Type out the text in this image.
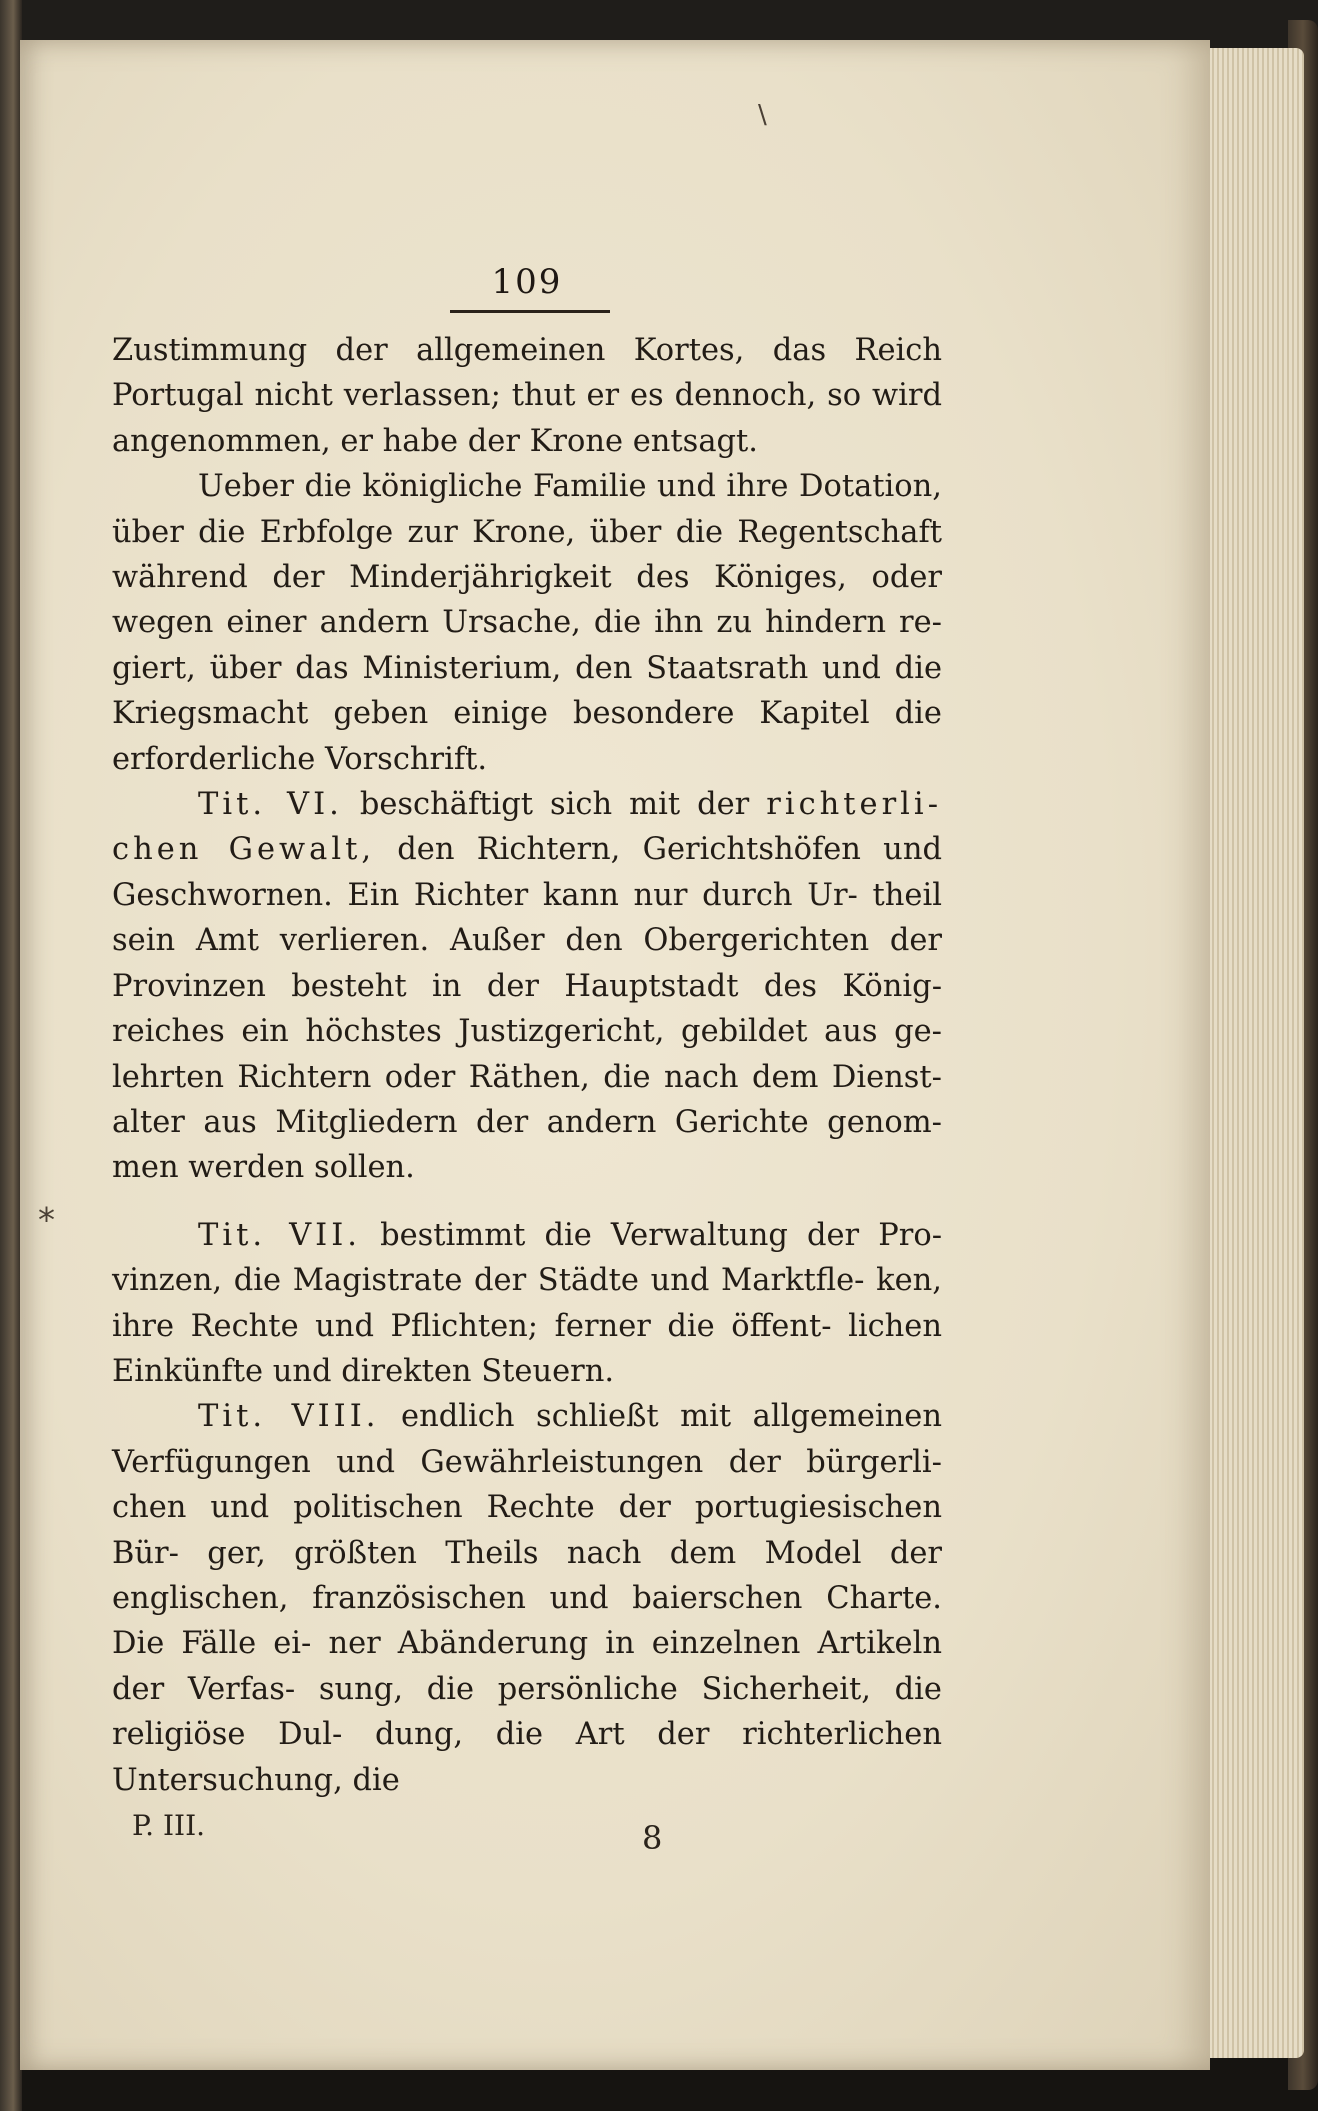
\
⁎
109

Zustimmung der allgemeinen Kortes, das Reich Portugal nicht verlassen; thut er es dennoch, so wird angenommen, er habe der Krone entsagt.

Ueber die königliche Familie und ihre Dotation, über die Erbfolge zur Krone, über die Regentschaft während der Minderjährigkeit des Königes, oder wegen einer andern Ursache, die ihn zu hindern re- giert, über das Ministerium, den Staatsrath und die Kriegsmacht geben einige besondere Kapitel die erforderliche Vorschrift.

Tit. VI. beschäftigt sich mit der richterli- chen Gewalt, den Richtern, Gerichtshöfen und Geschwornen. Ein Richter kann nur durch Ur- theil sein Amt verlieren. Außer den Obergerichten der Provinzen besteht in der Hauptstadt des König- reiches ein höchstes Justizgericht, gebildet aus ge- lehrten Richtern oder Räthen, die nach dem Dienst- alter aus Mitgliedern der andern Gerichte genom- men werden sollen.

Tit. VII. bestimmt die Verwaltung der Pro- vinzen, die Magistrate der Städte und Marktfle- ken, ihre Rechte und Pflichten; ferner die öffent- lichen Einkünfte und direkten Steuern.

Tit. VIII. endlich schließt mit allgemeinen Verfügungen und Gewährleistungen der bürgerli- chen und politischen Rechte der portugiesischen Bür- ger, größten Theils nach dem Model der englischen, französischen und baierschen Charte. Die Fälle ei- ner Abänderung in einzelnen Artikeln der Verfas- sung, die persönliche Sicherheit, die religiöse Dul- dung, die Art der richterlichen Untersuchung, die

P. III.	8
